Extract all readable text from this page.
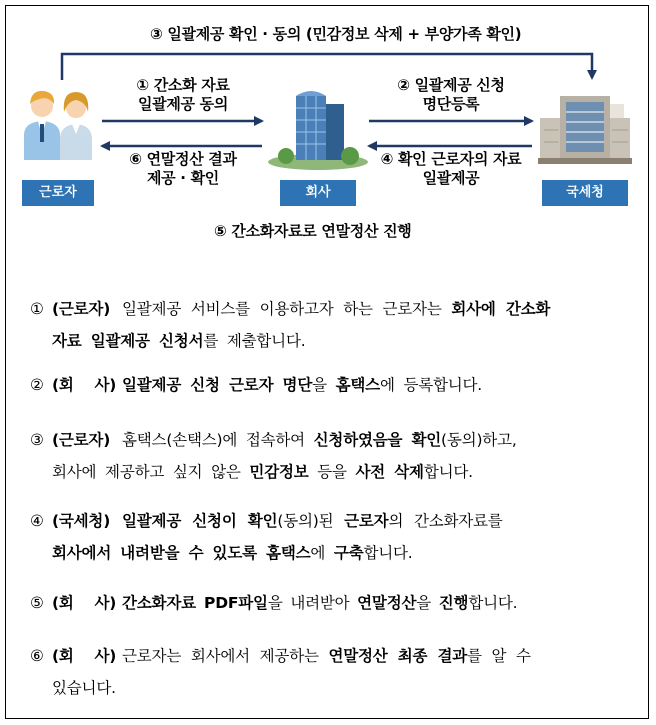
③ 일괄제공 확인 · 동의 (민감정보 삭제 + 부양가족 확인)
① 간소화 자료
일괄제공 동의
② 일괄제공 신청
명단등록
⑥ 연말정산 결과
제공 · 확인
④ 확인 근로자의 자료
일괄제공
근로자	회사	국세청
⑤ 간소화자료로 연말정산 진행
① (근로자) 일괄제공 서비스를 이용하고자 하는 근로자는 회사에 간소화
자료 일괄제공 신청서를 제출합니다.
② (회    사) 일괄제공 신청 근로자 명단을 홈택스에 등록합니다.
③ (근로자) 홈택스(손택스)에 접속하여 신청하였음을 확인(동의)하고,
회사에 제공하고 싶지 않은 민감정보 등을 사전 삭제합니다.
④ (국세청) 일괄제공 신청이 확인(동의)된 근로자의 간소화자료를
회사에서 내려받을 수 있도록 홈택스에 구축합니다.
⑤ (회    사) 간소화자료 PDF파일을 내려받아 연말정산을 진행합니다.
⑥ (회    사) 근로자는 회사에서 제공하는 연말정산 최종 결과를 알 수
있습니다.
